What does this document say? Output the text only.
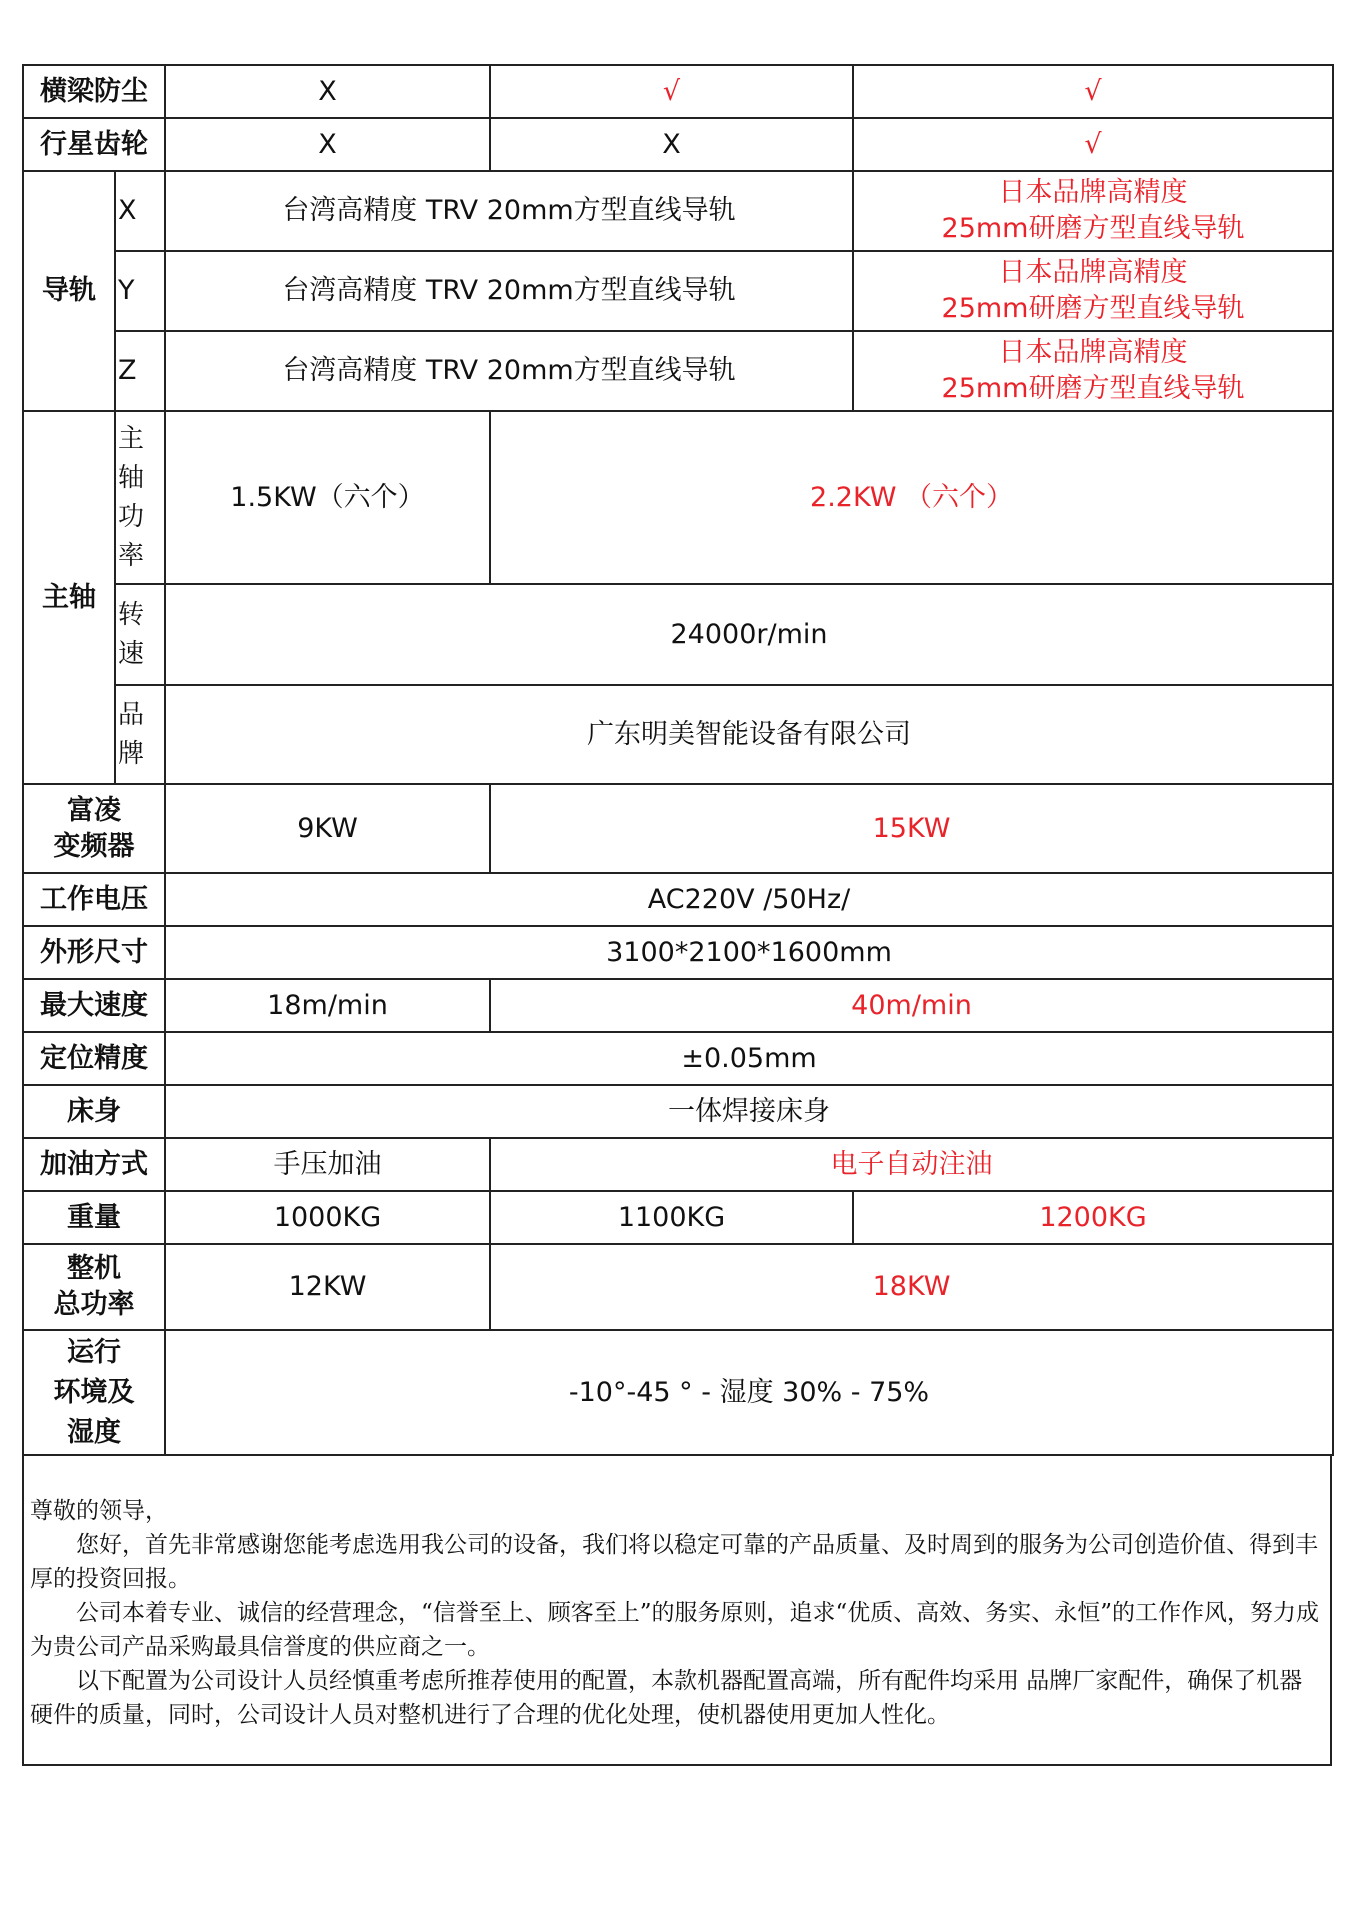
横梁防尘		X	√	√
行星齿轮		X	X	√
导轨	X	台湾高精度 TRV 20mm方型直线导轨		日本品牌高精度
25mm研磨方型直线导轨

	Y	台湾高精度 TRV 20mm方型直线导轨		日本品牌高精度
25mm研磨方型直线导轨

	Z	台湾高精度 TRV 20mm方型直线导轨		日本品牌高精度
25mm研磨方型直线导轨

主轴	主
轴
功
率	1.5KW（六个）	2.2KW （六个）	

	转
速	24000r/min		

	品
牌	广东明美智能设备有限公司		

富凌
变频器		9KW	15KW	
工作电压		AC220V /50Hz/		
外形尺寸		3100*2100*1600mm		
最大速度		18m/min	40m/min	
定位精度		±0.05mm		
床身		一体焊接床身		
加油方式		手压加油	电子自动注油	
重量		1000KG	1100KG	1200KG

整机
总功率		12KW	18KW	

运行
环境及
湿度		-10°-45 ° - 湿度 30% - 75%		

尊敬的领导，

您好，首先非常感谢您能考虑选用我公司的设备，我们将以稳定可靠的产品质量、及时周到的服务为公司创造价值、得到丰厚的投资回报。

公司本着专业、诚信的经营理念，“信誉至上、顾客至上”的服务原则，追求“优质、高效、务实、永恒”的工作作风，努力成为贵公司产品采购最具信誉度的供应商之一。

以下配置为公司设计人员经慎重考虑所推荐使用的配置，本款机器配置高端，所有配件均采用 品牌厂家配件，确保了机器硬件的质量，同时，公司设计人员对整机进行了合理的优化处理，使机器使用更加人性化。
